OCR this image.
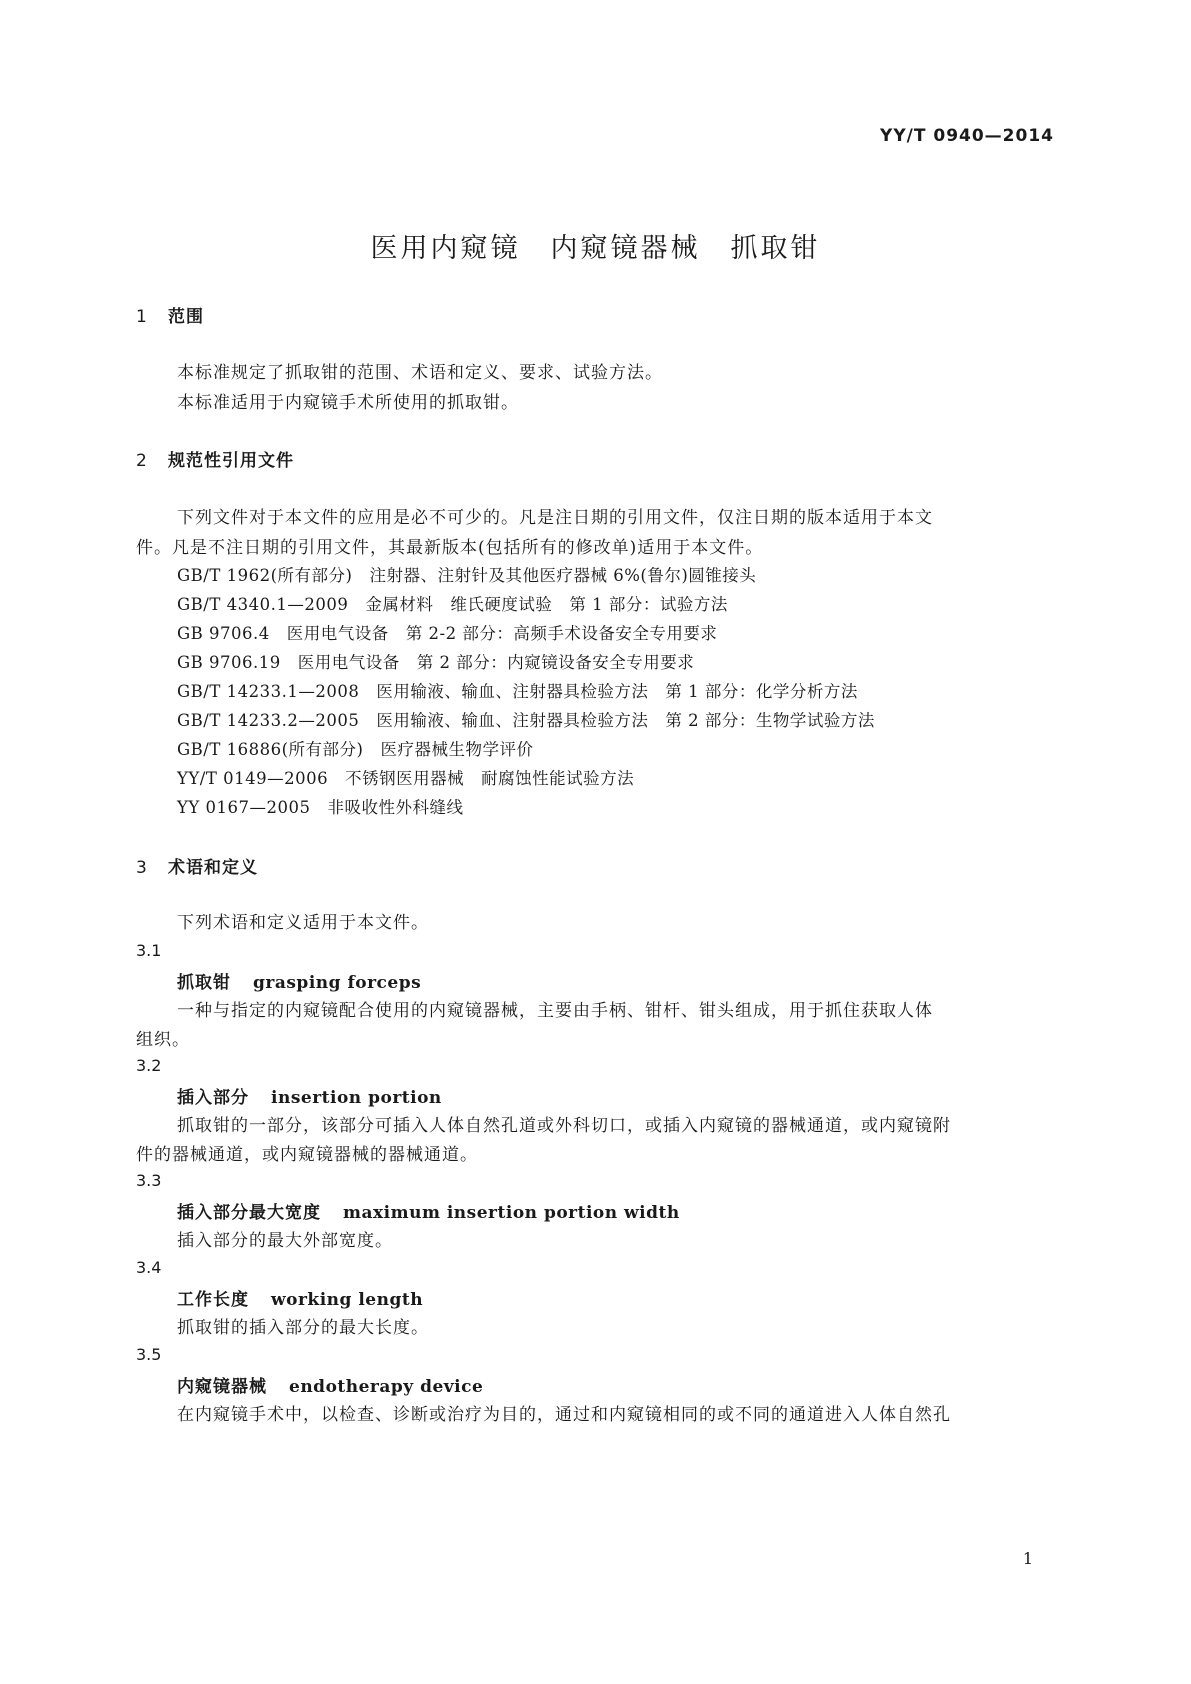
YY/T 0940—2014
医用内窥镜　内窥镜器械　抓取钳
1 范围
本标准规定了抓取钳的范围、术语和定义、要求、试验方法。
本标准适用于内窥镜手术所使用的抓取钳。
2 规范性引用文件
下列文件对于本文件的应用是必不可少的。凡是注日期的引用文件，仅注日期的版本适用于本文
件。凡是不注日期的引用文件，其最新版本(包括所有的修改单)适用于本文件。
GB/T 1962(所有部分)　注射器、注射针及其他医疗器械 6%(鲁尔)圆锥接头
GB/T 4340.1—2009　金属材料　维氏硬度试验　第 1 部分：试验方法
GB 9706.4　医用电气设备　第 2-2 部分：高频手术设备安全专用要求
GB 9706.19　医用电气设备　第 2 部分：内窥镜设备安全专用要求
GB/T 14233.1—2008　医用输液、输血、注射器具检验方法　第 1 部分：化学分析方法
GB/T 14233.2—2005　医用输液、输血、注射器具检验方法　第 2 部分：生物学试验方法
GB/T 16886(所有部分)　医疗器械生物学评价
YY/T 0149—2006　不锈钢医用器械　耐腐蚀性能试验方法
YY 0167—2005　非吸收性外科缝线
3 术语和定义
下列术语和定义适用于本文件。
3.1
抓取钳 grasping forceps
一种与指定的内窥镜配合使用的内窥镜器械，主要由手柄、钳杆、钳头组成，用于抓住获取人体
组织。
3.2
插入部分 insertion portion
抓取钳的一部分，该部分可插入人体自然孔道或外科切口，或插入内窥镜的器械通道，或内窥镜附
件的器械通道，或内窥镜器械的器械通道。
3.3
插入部分最大宽度 maximum insertion portion width
插入部分的最大外部宽度。
3.4
工作长度 working length
抓取钳的插入部分的最大长度。
3.5
内窥镜器械 endotherapy device
在内窥镜手术中，以检查、诊断或治疗为目的，通过和内窥镜相同的或不同的通道进入人体自然孔
1
